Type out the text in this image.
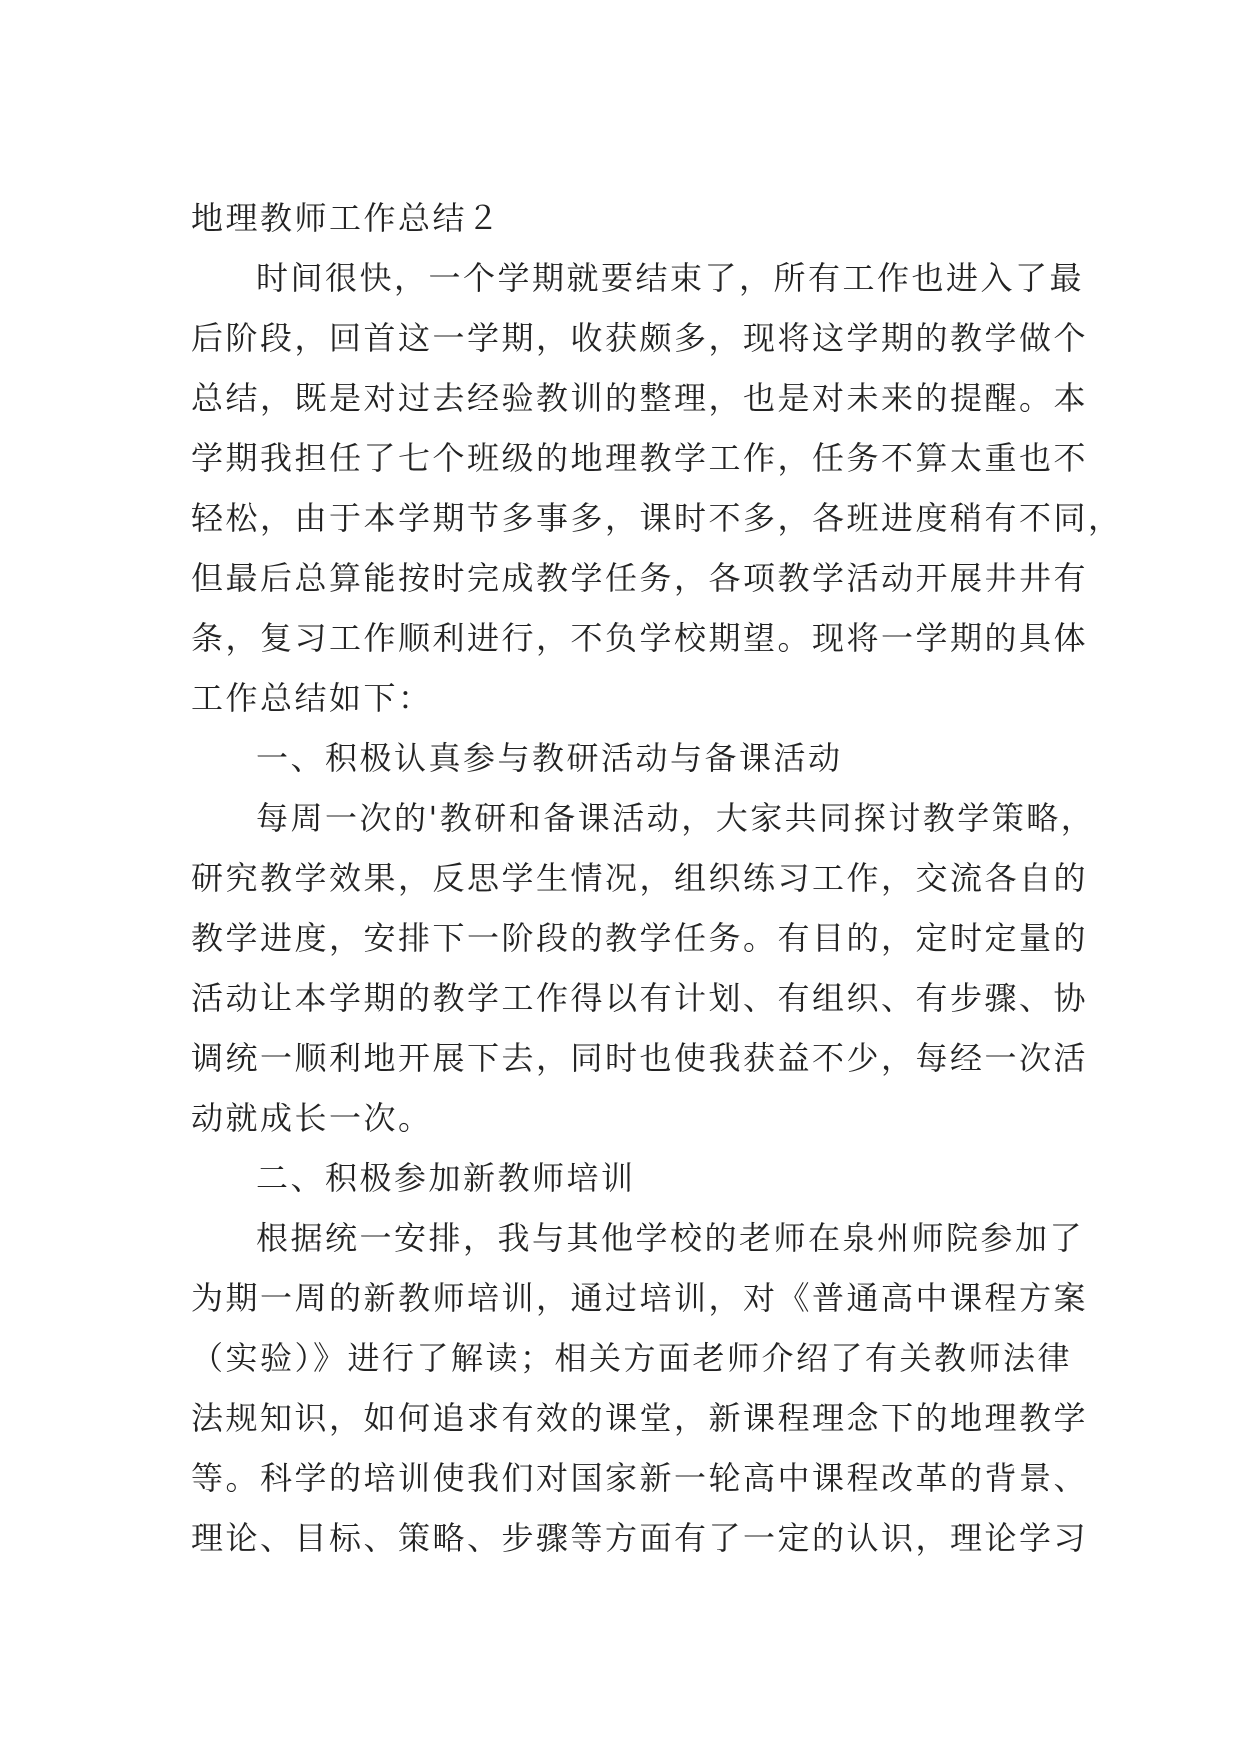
地理教师工作总结２
时间很快，一个学期就要结束了，所有工作也进入了最
后阶段，回首这一学期，收获颇多，现将这学期的教学做个
总结，既是对过去经验教训的整理，也是对未来的提醒。本
学期我担任了七个班级的地理教学工作，任务不算太重也不
轻松，由于本学期节多事多，课时不多，各班进度稍有不同，
但最后总算能按时完成教学任务，各项教学活动开展井井有
条，复习工作顺利进行，不负学校期望。现将一学期的具体
工作总结如下：
一、积极认真参与教研活动与备课活动
每周一次的'教研和备课活动，大家共同探讨教学策略，
研究教学效果，反思学生情况，组织练习工作，交流各自的
教学进度，安排下一阶段的教学任务。有目的，定时定量的
活动让本学期的教学工作得以有计划、有组织、有步骤、协
调统一顺利地开展下去，同时也使我获益不少，每经一次活
动就成长一次。
二、积极参加新教师培训
根据统一安排，我与其他学校的老师在泉州师院参加了
为期一周的新教师培训，通过培训，对《普通高中课程方案
（实验）》进行了解读；相关方面老师介绍了有关教师法律
法规知识，如何追求有效的课堂，新课程理念下的地理教学
等。科学的培训使我们对国家新一轮高中课程改革的背景、
理论、目标、策略、步骤等方面有了一定的认识，理论学习
